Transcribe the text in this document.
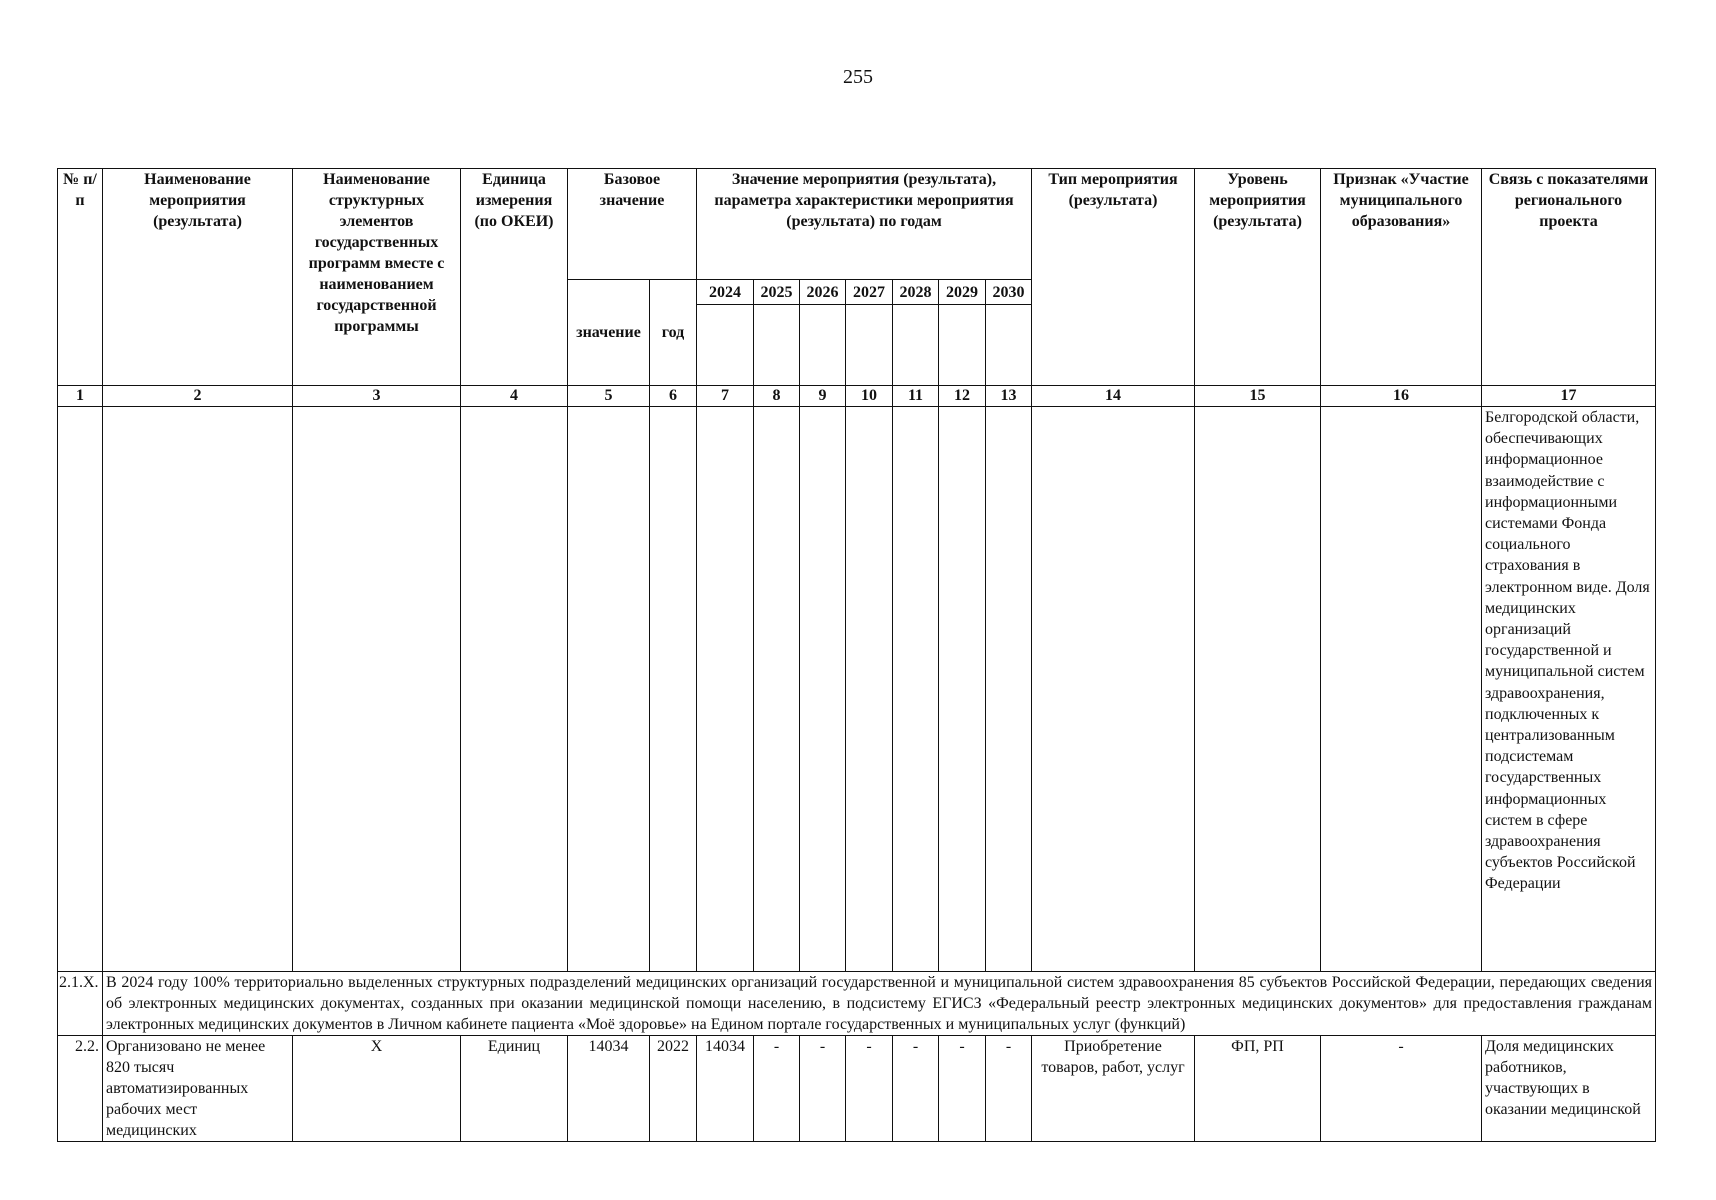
255
№ п/п	Наименование мероприятия (результата)	Наименование структурных элементов государственных программ вместе с наименованием государственной программы	Единица измерения (по ОКЕИ)	Базовое значение		Значение мероприятия (результата), параметра характеристики мероприятия (результата) по годам							Тип мероприятия (результата)	Уровень мероприятия (результата)	Признак «Участие муниципального образования»	Связь с показателями регионального проекта
				значение	год	2024	2025	2026	2027	2028	2029	2030				

1	2	3	4	5	6	7	8	9	10	11	12	13	14	15	16	17
																Белгородской области, обеспечивающих информационное взаимодействие с информационными системами Фонда социального страхования в электронном виде. Доля медицинских организаций государственной и муниципальной систем здравоохранения, подключенных к централизованным подсистемам государственных информационных систем в сфере здравоохранения субъектов Российской Федерации
2.1.X.	В 2024 году 100% территориально выделенных структурных подразделений медицинских организаций государственной и муниципальной систем здравоохранения 85 субъектов Российской Федерации, передающих сведения об электронных медицинских документах, созданных при оказании медицинской помощи населению, в подсистему ЕГИСЗ «Федеральный реестр электронных медицинских документов» для предоставления гражданам электронных медицинских документов в Личном кабинете пациента «Моё здоровье» на Едином портале государственных и муниципальных услуг (функций)															
2.2.	Организовано не менее 820 тысяч автоматизированных рабочих мест медицинских	Х	Единиц	14034	2022	14034	-	-	-	-	-	-	Приобретение товаров, работ, услуг	ФП, РП	-	Доля медицинских работников, участвующих в оказании медицинской
